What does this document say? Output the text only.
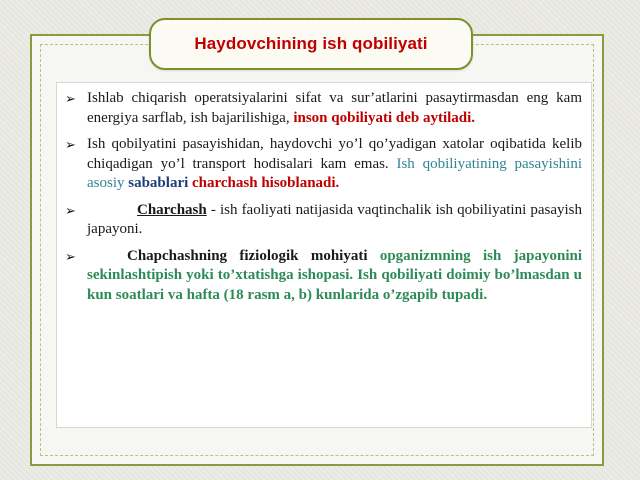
Haydovchining ish qobiliyati
➢ Ishlab chiqarish operatsiyalarini sifat va sur’atlarini pasaytirmasdan eng kam energiya sarflab, ish bajarilishiga, inson qobiliyati deb aytiladi.
➢ Ish qobilyatini pasayishidan, haydovchi yo’l qo’yadigan xatolar oqibatida kelib chiqadigan yo’l transport hodisalari kam emas. Ish qobiliyatining pasayishini asosiy sabablari charchash hisoblanadi.
➢	Charchash - ish faoliyati natijasida vaqtinchalik ish qobiliyatini pasayish japayoni.
➢	Chapchashning fiziologik mohiyati opganizmning ish japayonini sekinlashtipish yoki to’xtatishga ishopasi. Ish qobiliyati doimiy bo’lmasdan u kun soatlari va hafta (18 rasm a, b) kunlarida o’zgapib tupadi.
